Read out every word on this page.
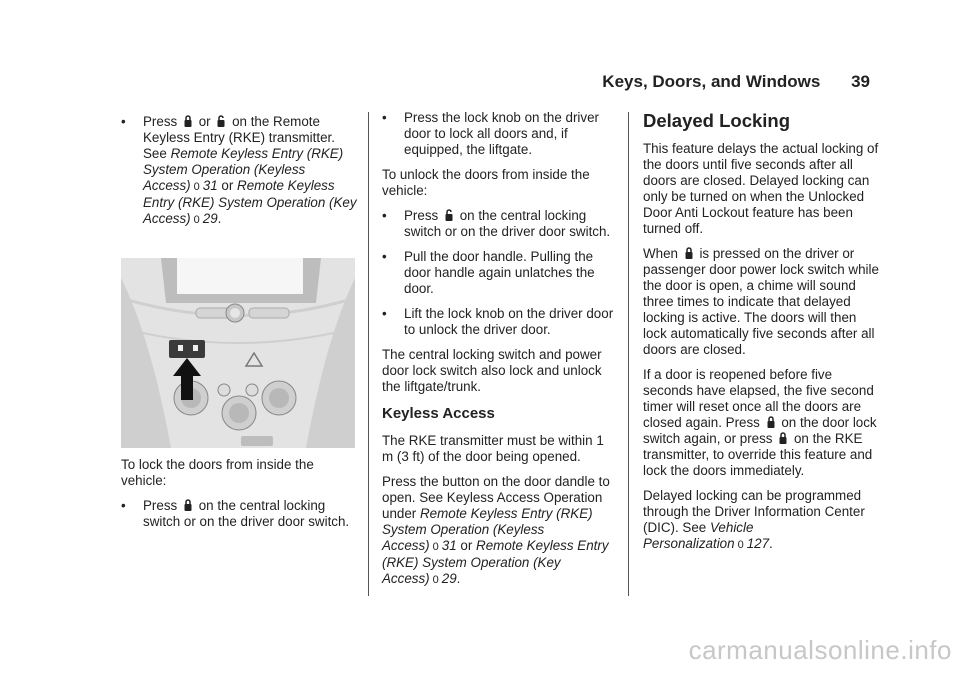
Keys, Doors, and Windows 39
•	Press or on the Remote Keyless Entry (RKE) transmitter. See Remote Keyless Entry (RKE) System Operation (Keyless Access) 0 31 or Remote Keyless Entry (RKE) System Operation (Key Access) 0 29.

To lock the doors from inside the vehicle:

•	Press on the central locking switch or on the driver door switch.
•	Press the lock knob on the driver door to lock all doors and, if equipped, the liftgate.

To unlock the doors from inside the vehicle:

•	Press on the central locking switch or on the driver door switch.
•	Pull the door handle. Pulling the door handle again unlatches the door.
•	Lift the lock knob on the driver door to unlock the driver door.

The central locking switch and power door lock switch also lock and unlock the liftgate/trunk.

Keyless Access

The RKE transmitter must be within 1 m (3 ft) of the door being opened.

Press the button on the door dandle to open. See Keyless Access Operation under Remote Keyless Entry (RKE) System Operation (Keyless Access) 0 31 or Remote Keyless Entry (RKE) System Operation (Key Access) 0 29.

Delayed Locking

This feature delays the actual locking of the doors until five seconds after all doors are closed. Delayed locking can only be turned on when the Unlocked Door Anti Lockout feature has been turned off.

When is pressed on the driver or passenger door power lock switch while the door is open, a chime will sound three times to indicate that delayed locking is active. The doors will then lock automatically five seconds after all doors are closed.

If a door is reopened before five seconds have elapsed, the five second timer will reset once all the doors are closed again. Press on the door lock switch again, or press on the RKE transmitter, to override this feature and lock the doors immediately.

Delayed locking can be programmed through the Driver Information Center (DIC). See Vehicle Personalization 0 127.

carmanualsonline.info
